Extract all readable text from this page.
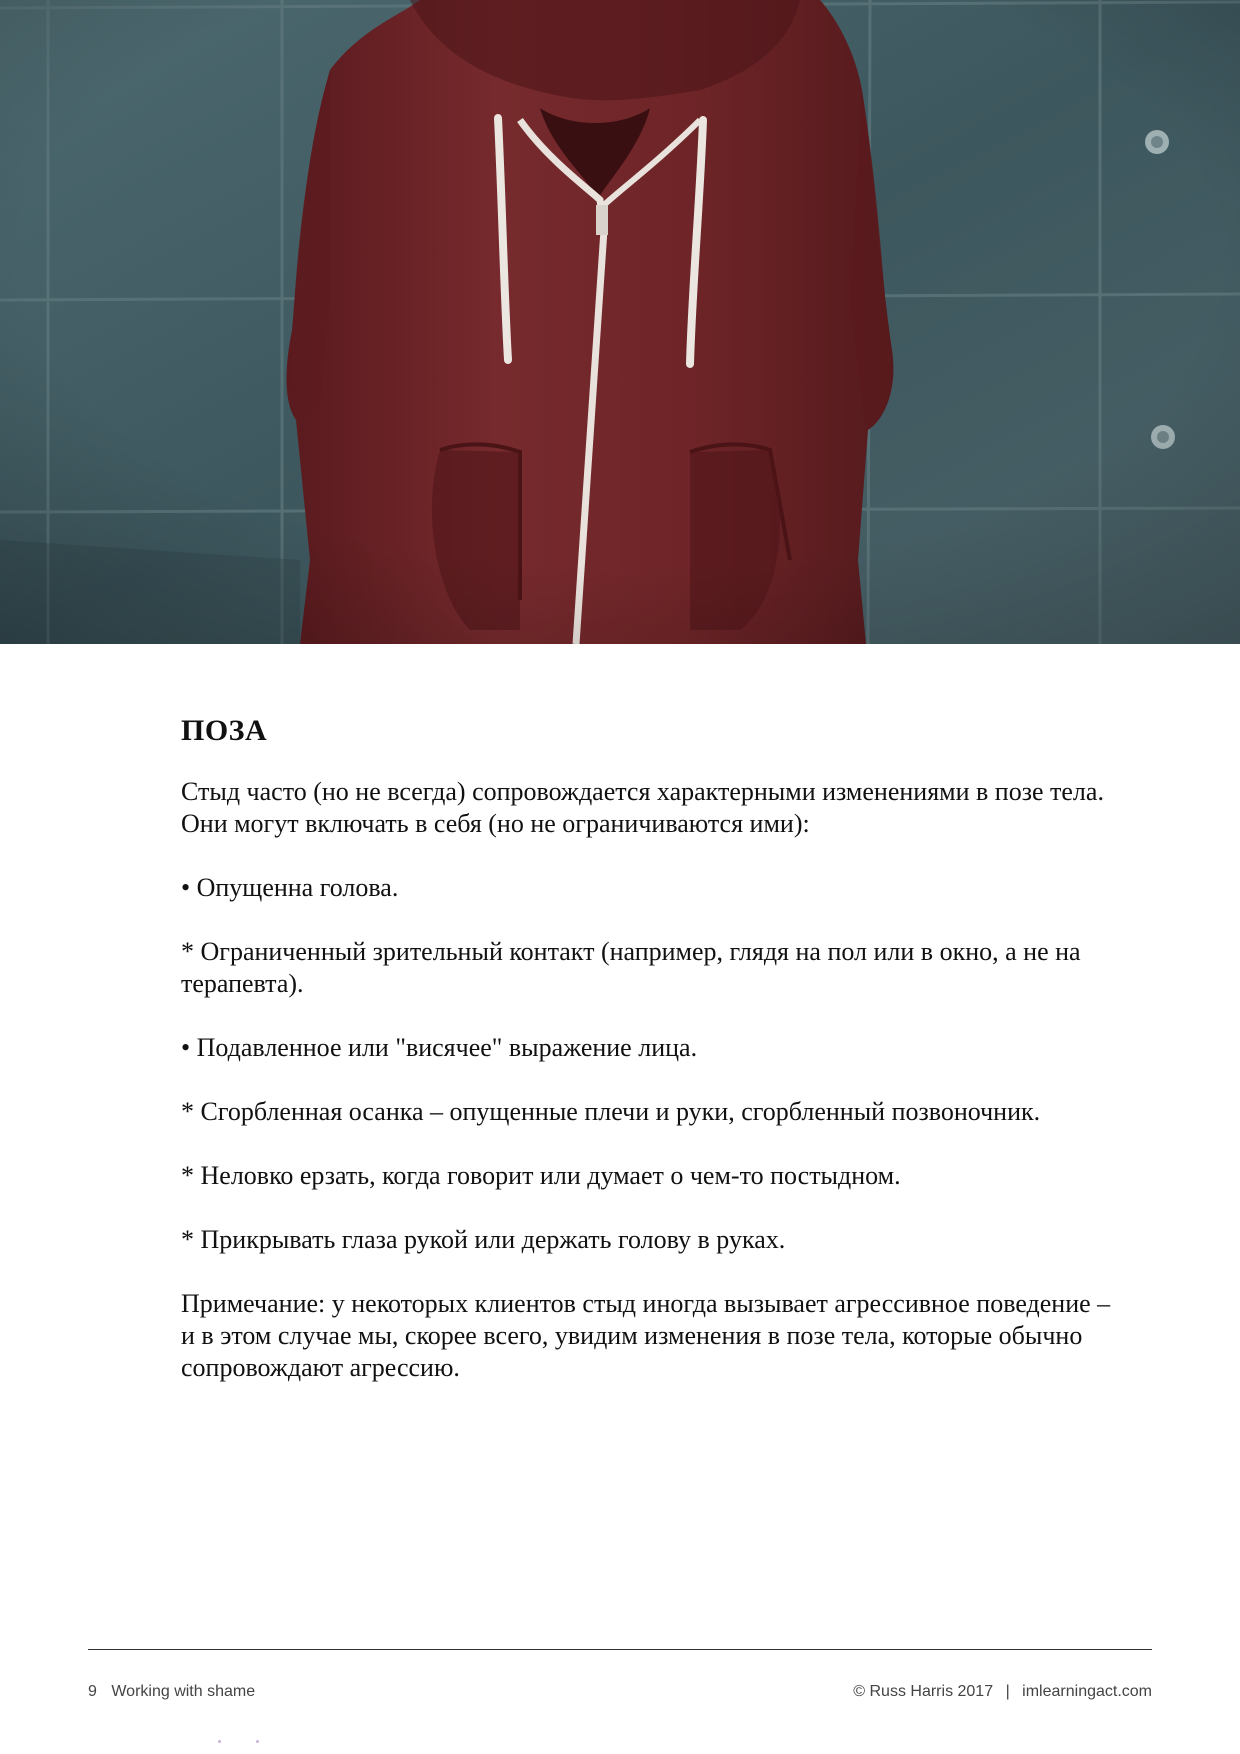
ПОЗА

Стыд часто (но не всегда) сопровождается характерными изменениями в позе тела. Они могут включать в себя (но не ограничиваются ими):

• Опущенна голова.

* Ограниченный зрительный контакт (например, глядя на пол или в окно, а не на терапевта).

• Подавленное или "висячее" выражение лица.

* Сгорбленная осанка – опущенные плечи и руки, сгорбленный позвоночник.

* Неловко ерзать, когда говорит или думает о чем-то постыдном.

* Прикрывать глаза рукой или держать голову в руках.

Примечание: у некоторых клиентов стыд иногда вызывает агрессивное поведение – и в этом случае мы, скорее всего, увидим изменения в позе тела, которые обычно сопровождают агрессию.

9 Working with shame	© Russ Harris 2017 | imlearningact.com
